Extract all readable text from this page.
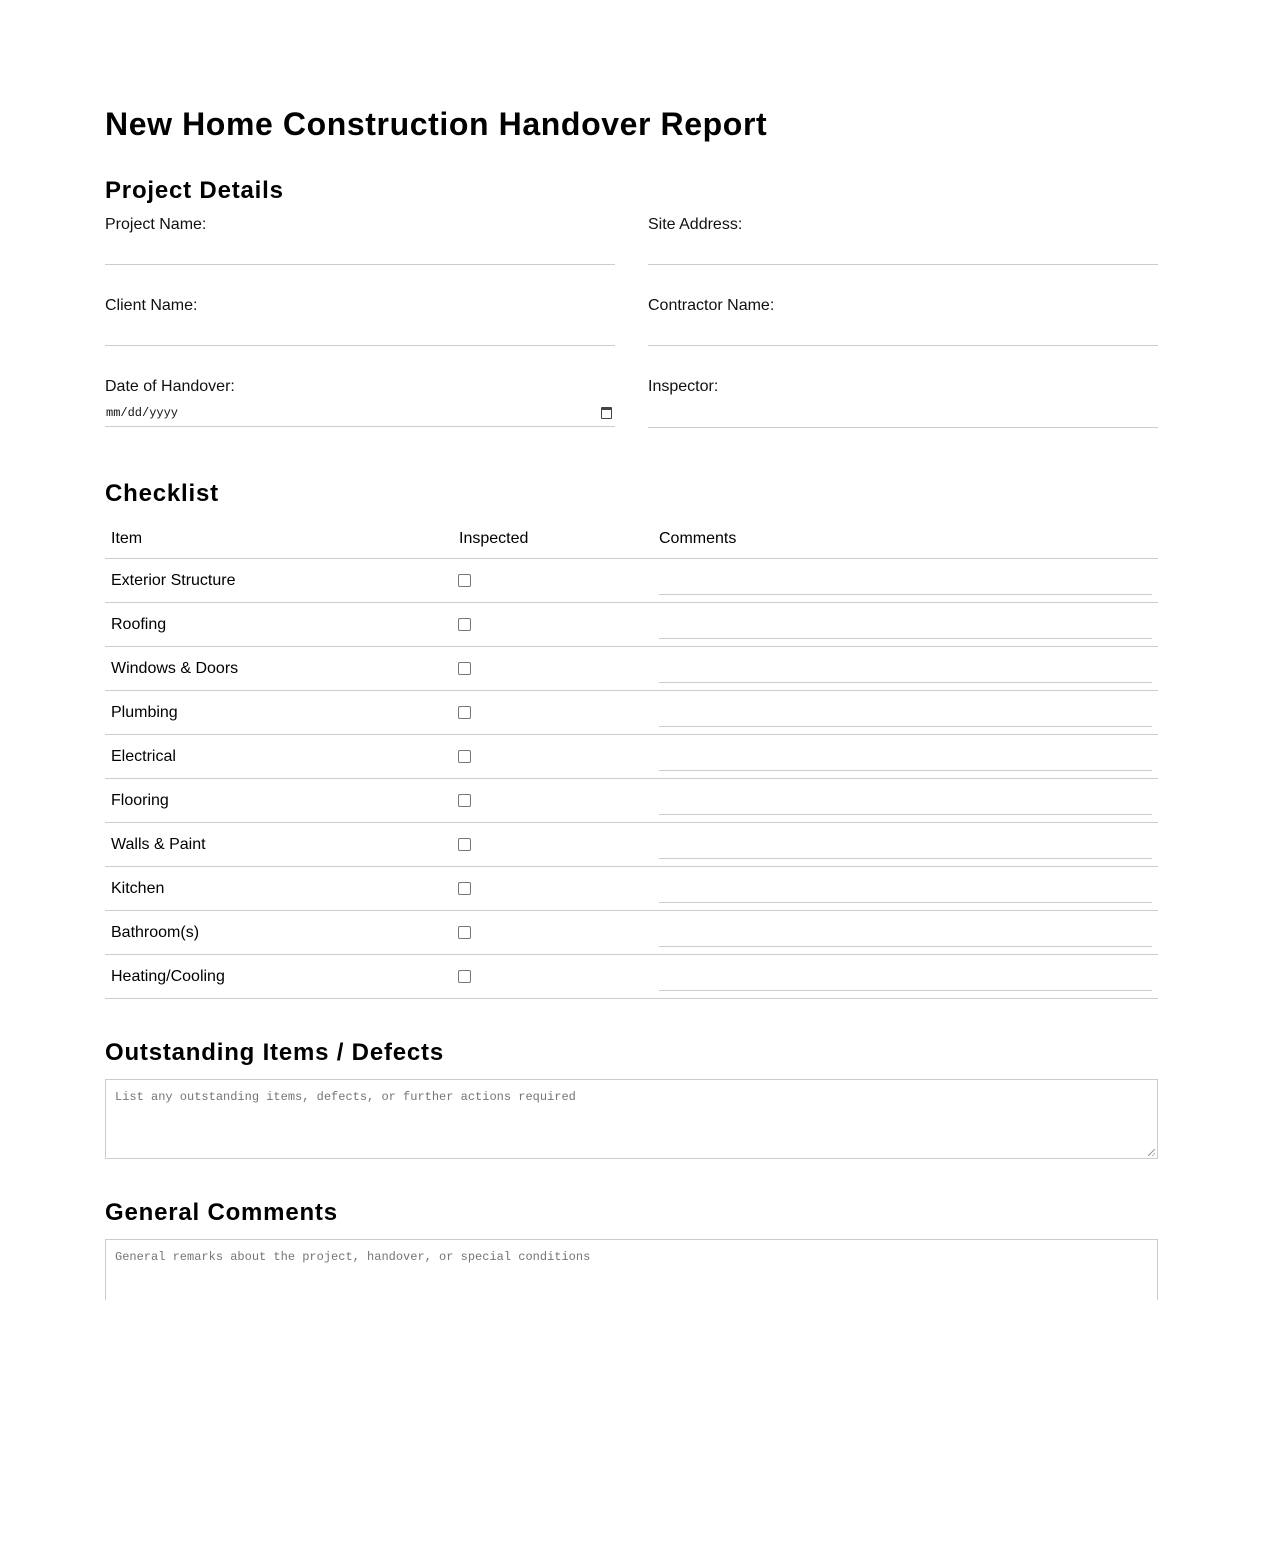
New Home Construction Handover Report
Project Details
Project Name:	Site Address:
Client Name:	Contractor Name:
Date of Handover:
mm/dd/yyyy
Inspector:
Checklist
Item	Inspected	Comments
Exterior Structure		

Roofing		

Windows & Doors		

Plumbing		

Electrical		

Flooring		

Walls & Paint		

Kitchen		

Bathroom(s)		

Heating/Cooling		
Outstanding Items / Defects
List any outstanding items, defects, or further actions required
General Comments
General remarks about the project, handover, or special conditions
